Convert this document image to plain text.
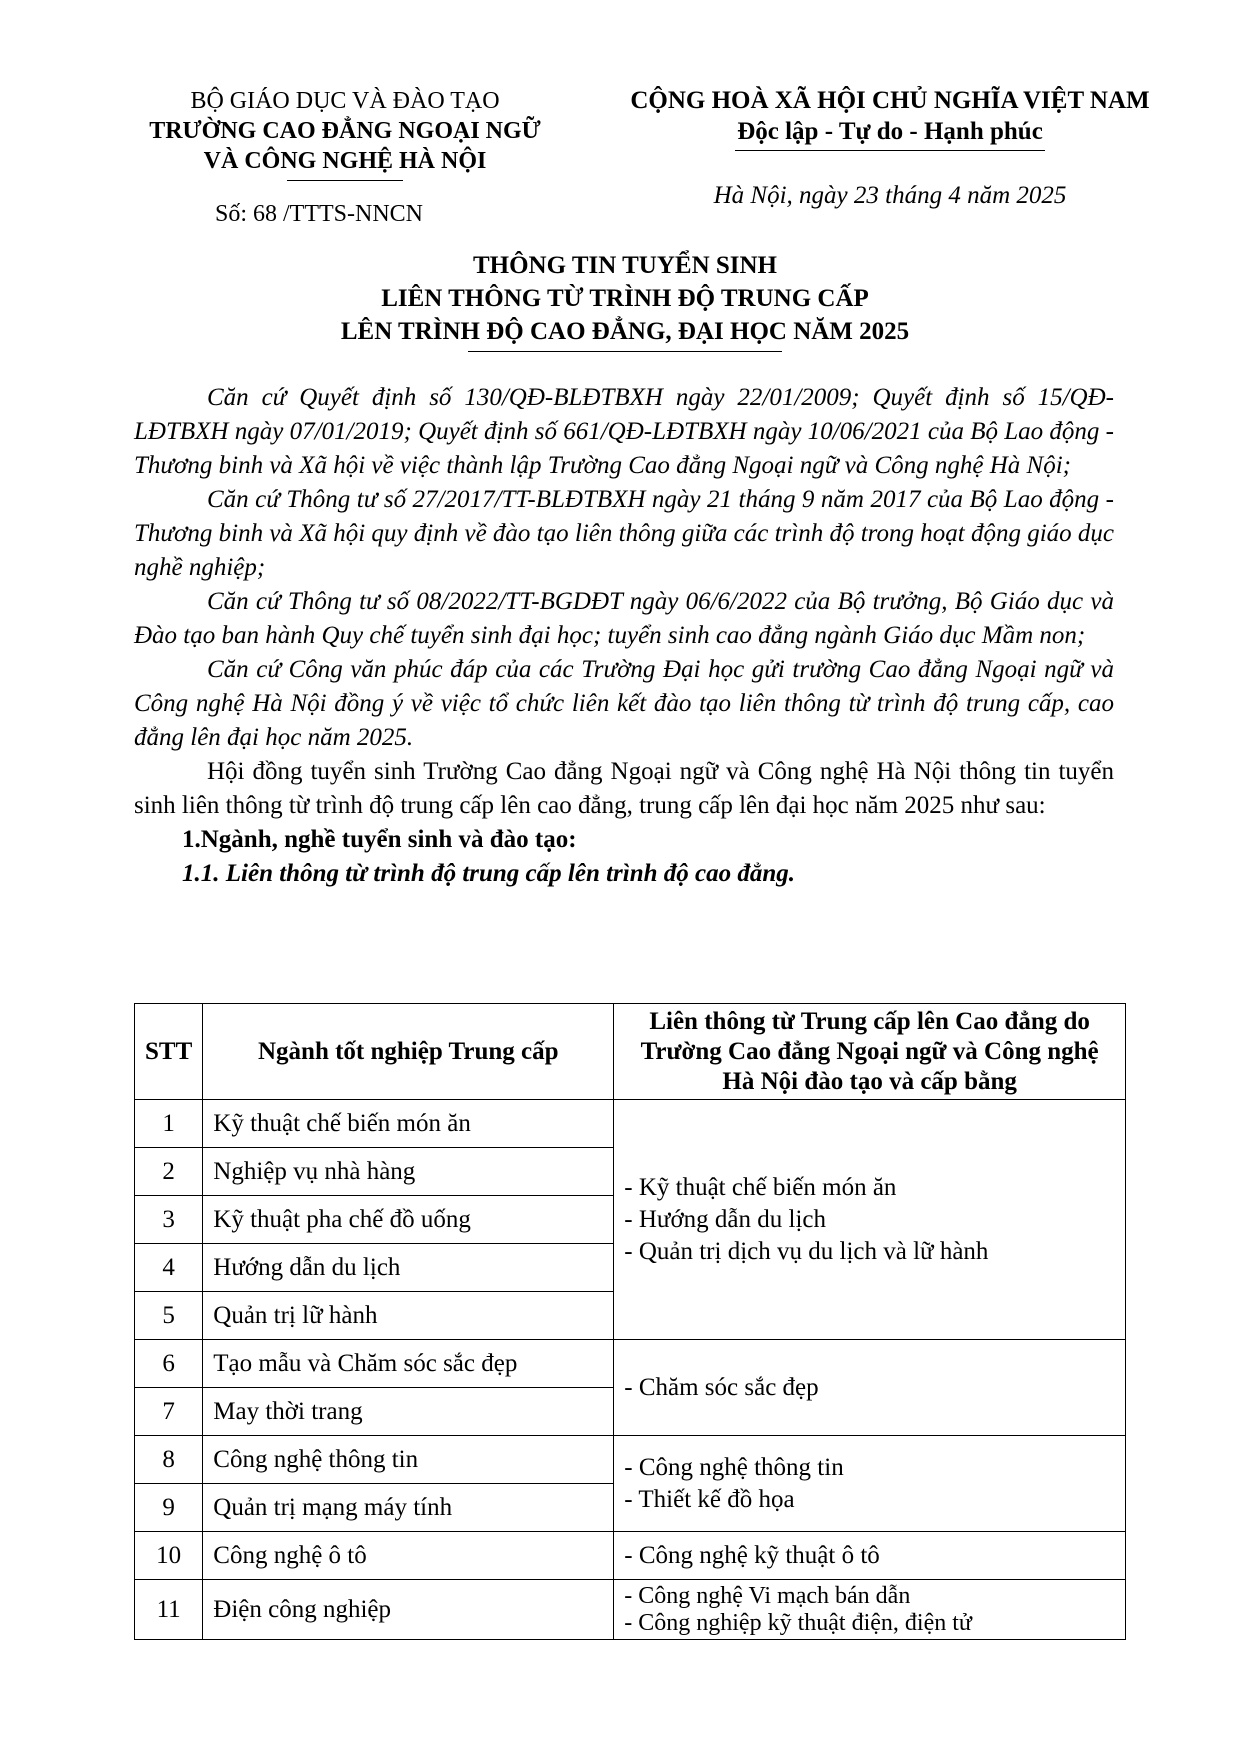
BỘ GIÁO DỤC VÀ ĐÀO TẠO
TRƯỜNG CAO ĐẲNG NGOẠI NGỮ
VÀ CÔNG NGHỆ HÀ NỘI
Số: 68 /TTTS-NNCN
CỘNG HOÀ XÃ HỘI CHỦ NGHĨA VIỆT NAM
Độc lập - Tự do - Hạnh phúc
Hà Nội, ngày 23 tháng 4 năm 2025
THÔNG TIN TUYỂN SINH
LIÊN THÔNG TỪ TRÌNH ĐỘ TRUNG CẤP
LÊN TRÌNH ĐỘ CAO ĐẲNG, ĐẠI HỌC NĂM 2025

Căn cứ Quyết định số 130/QĐ-BLĐTBXH ngày 22/01/2009; Quyết định số 15/QĐ-LĐTBXH ngày 07/01/2019; Quyết định số 661/QĐ-LĐTBXH ngày 10/06/2021 của Bộ Lao động - Thương binh và Xã hội về việc thành lập Trường Cao đẳng Ngoại ngữ và Công nghệ Hà Nội;

Căn cứ Thông tư số 27/2017/TT-BLĐTBXH ngày 21 tháng 9 năm 2017 của Bộ Lao động - Thương binh và Xã hội quy định về đào tạo liên thông giữa các trình độ trong hoạt động giáo dục nghề nghiệp;

Căn cứ Thông tư số 08/2022/TT-BGDĐT ngày 06/6/2022 của Bộ trưởng, Bộ Giáo dục và Đào tạo ban hành Quy chế tuyển sinh đại học; tuyển sinh cao đẳng ngành Giáo dục Mầm non;

Căn cứ Công văn phúc đáp của các Trường Đại học gửi trường Cao đẳng Ngoại ngữ và Công nghệ Hà Nội đồng ý về việc tổ chức liên kết đào tạo liên thông từ trình độ trung cấp, cao đẳng lên đại học năm 2025.

Hội đồng tuyển sinh Trường Cao đẳng Ngoại ngữ và Công nghệ Hà Nội thông tin tuyển sinh liên thông từ trình độ trung cấp lên cao đẳng, trung cấp lên đại học năm 2025 như sau:

1.Ngành, nghề tuyển sinh và đào tạo:

1.1. Liên thông từ trình độ trung cấp lên trình độ cao đẳng.

STT	Ngành tốt nghiệp Trung cấp	Liên thông từ Trung cấp lên Cao đẳng do Trường Cao đẳng Ngoại ngữ và Công nghệ Hà Nội đào tạo và cấp bằng
1	Kỹ thuật chế biến món ăn	- Kỹ thuật chế biến món ăn
- Hướng dẫn du lịch
- Quản trị dịch vụ du lịch và lữ hành

2	Nghiệp vụ nhà hàng	
3	Kỹ thuật pha chế đồ uống	
4	Hướng dẫn du lịch	
5	Quản trị lữ hành	
6	Tạo mẫu và Chăm sóc sắc đẹp	- Chăm sóc sắc đẹp

7	May thời trang	
8	Công nghệ thông tin	- Công nghệ thông tin
- Thiết kế đồ họa

9	Quản trị mạng máy tính	
10	Công nghệ ô tô	- Công nghệ kỹ thuật ô tô

11	Điện công nghiệp	- Công nghệ Vi mạch bán dẫn
- Công nghiệp kỹ thuật điện, điện tử
